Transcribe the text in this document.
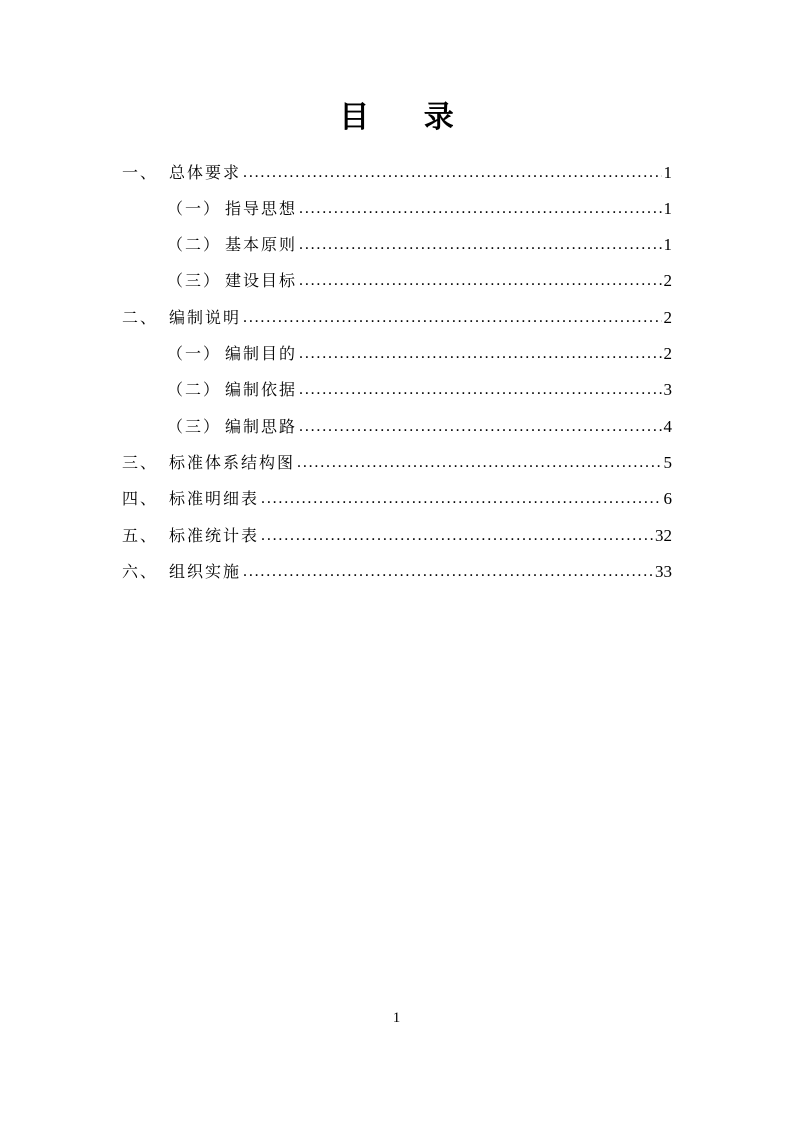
目 录
一、 总体要求 .....	1
（一） 指导思想 .....	1
（二） 基本原则 .....	1
（三） 建设目标 .....	2
二、 编制说明 .....	2
（一） 编制目的 .....	2
（二） 编制依据 .....	3
（三） 编制思路 .....	4
三、 标准体系结构图 .....	5
四、 标准明细表 .....	6
五、 标准统计表 .....	32
六、 组织实施 .....	33
1
